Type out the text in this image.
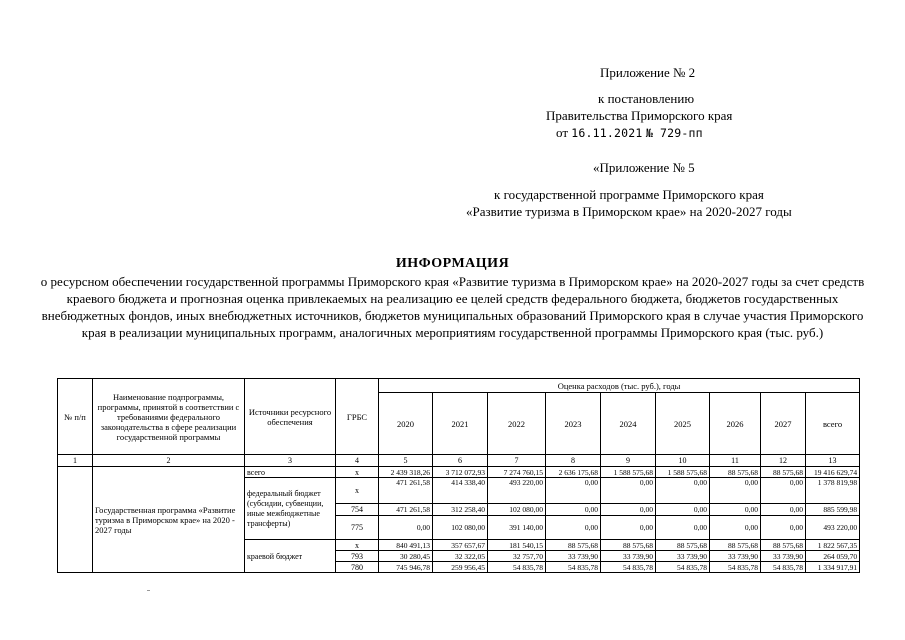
Приложение № 2
к постановлению
Правительства Приморского края
от 16.11.2021 № 729-пп
«Приложение № 5
к государственной программе Приморского края
«Развитие туризма в Приморском крае» на 2020-2027 годы
ИНФОРМАЦИЯ
о ресурсном обеспечении государственной программы Приморского края «Развитие туризма в Приморском крае» на 2020-2027 годы за счет средств краевого бюджета и прогнозная оценка привлекаемых на реализацию ее целей средств федерального бюджета, бюджетов государственных внебюджетных фондов, иных внебюджетных источников, бюджетов муниципальных образований Приморского края в случае участия Приморского края в реализации муниципальных программ, аналогичных мероприятиям государственной программы Приморского края (тыс. руб.)
№ п/п	Наименование подпрограммы, программы, принятой в соответствии с требованиями федерального законодательства в сфере реализации государственной программы	Источники ресурсного обеспечения	ГРБС	Оценка расходов (тыс. руб.), годы								
				2020	2021	2022	2023	2024	2025	2026	2027	всего
1	2	3	4	5	6	7	8	9	10	11	12	13
	Государственная программа «Развитие туризма в Приморском крае» на 2020 - 2027 годы	всего	x	2 439 318,26	3 712 072,93	7 274 760,15	2 636 175,68	1 588 575,68	1 588 575,68	88 575,68	88 575,68	19 416 629,74
		федеральный бюджет (субсидии, субвенции, иные межбюджетные трансферты)	x	471 261,58	414 338,40	493 220,00	0,00	0,00	0,00	0,00	0,00	1 378 819,98
			754	471 261,58	312 258,40	102 080,00	0,00	0,00	0,00	0,00	0,00	885 599,98
			775	0,00	102 080,00	391 140,00	0,00	0,00	0,00	0,00	0,00	493 220,00
		краевой бюджет	x	840 491,13	357 657,67	181 540,15	88 575,68	88 575,68	88 575,68	88 575,68	88 575,68	1 822 567,35
			793	30 280,45	32 322,05	32 757,70	33 739,90	33 739,90	33 739,90	33 739,90	33 739,90	264 059,70
			780	745 946,78	259 956,45	54 835,78	54 835,78	54 835,78	54 835,78	54 835,78	54 835,78	1 334 917,91
